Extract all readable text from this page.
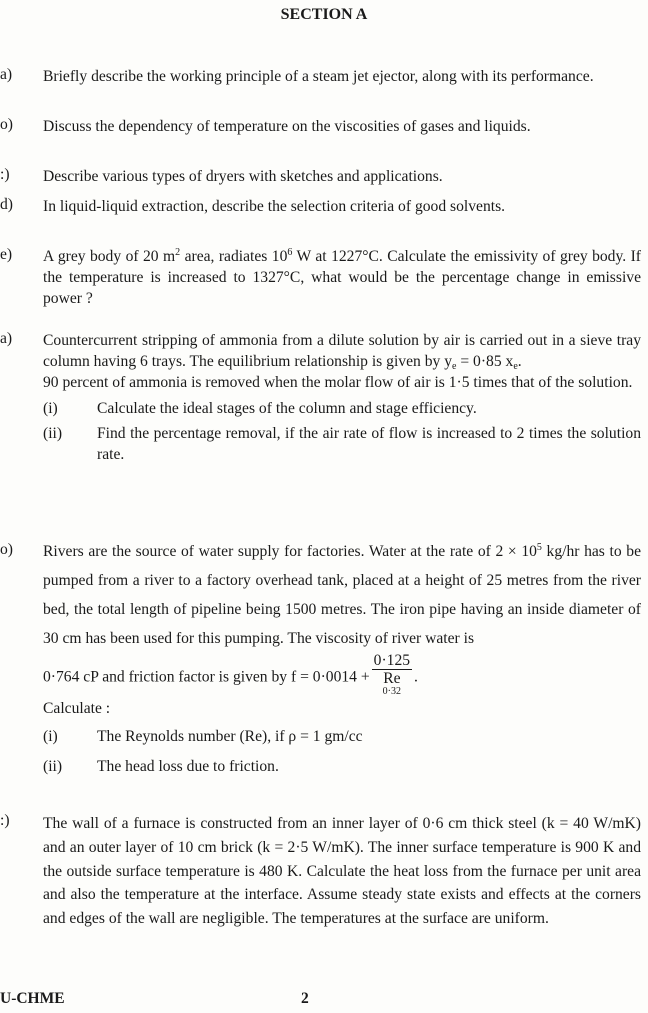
SECTION A
a)	Briefly describe the working principle of a steam jet ejector, along with its performance.
o)	Discuss the dependency of temperature on the viscosities of gases and liquids.
:)	Describe various types of dryers with sketches and applications.
d)	In liquid-liquid extraction, describe the selection criteria of good solvents.
e)	A grey body of 20 $m^2$ area, radiates $10^6$ W at 1227°C. Calculate the emissivity of grey body. If the temperature is increased to 1327°C, what would be the percentage change in emissive power ?
a)	Countercurrent stripping of ammonia from a dilute solution by air is carried out in a sieve tray column having 6 trays. The equilibrium relationship is given by $y_e = 0\cdot 85$ $x_e$.

90 percent of ammonia is removed when the molar flow of air is 1·5 times that of the solution.

(i)	Calculate the ideal stages of the column and stage efficiency.
(ii) Find the percentage removal, if the air rate of flow is increased to 2 times the solution rate.
o)	Rivers are the source of water supply for factories. Water at the rate of $2 \times 10^5$ kg/hr has to be pumped from a river to a factory overhead tank, placed at a height of 25 metres from the river bed, the total length of pipeline being 1500 metres. The iron pipe having an inside diameter of 30 cm has been used for this pumping. The viscosity of river water is

0·764 cP and friction factor is given by f = 0·0014 + 0·125
Re
$^{0\cdot 32}$ .

Calculate :

(i)	The Reynolds number (Re), if ρ = 1 gm/cc
(ii) The head loss due to friction.
:)	The wall of a furnace is constructed from an inner layer of 0·6 cm thick steel (k = 40 W/mK) and an outer layer of 10 cm brick (k = 2·5 W/mK). The inner surface temperature is 900 K and the outside surface temperature is 480 K. Calculate the heat loss from the furnace per unit area and also the temperature at the interface. Assume steady state exists and effects at the corners and edges of the wall are negligible. The temperatures at the surface are uniform.
U-CHME	2
